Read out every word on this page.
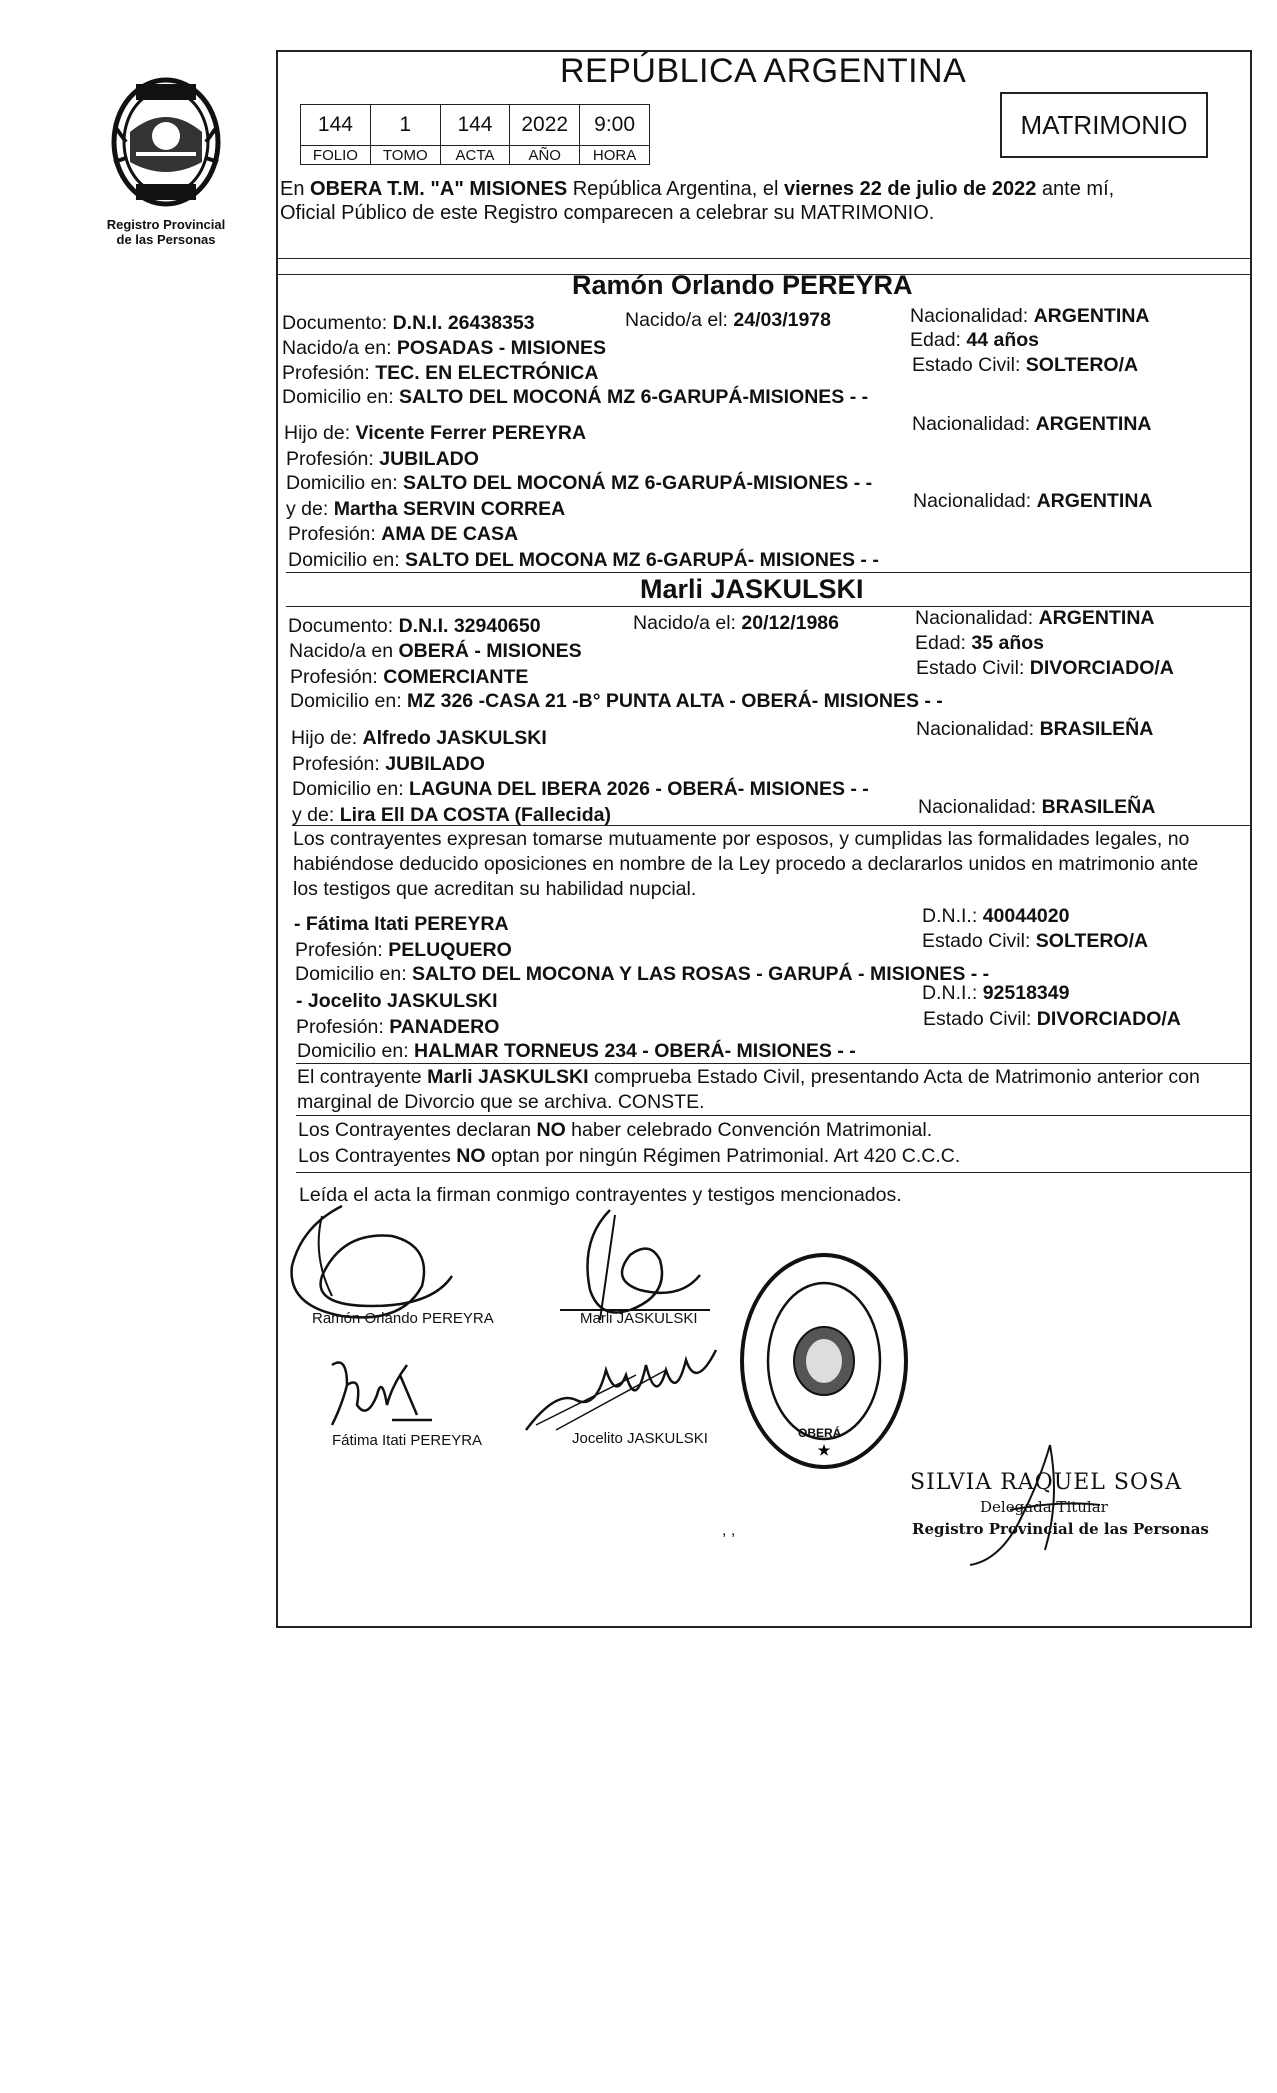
Registro Provincial
de las Personas
REPÚBLICA ARGENTINA
144	1	144	2022	9:00
FOLIO	TOMO	ACTA	AÑO	HORA
MATRIMONIO
En OBERA T.M. "A" MISIONES República Argentina, el viernes 22 de julio de 2022 ante mí,
Oficial Público de este Registro comparecen a celebrar su MATRIMONIO.
Ramón Orlando PEREYRA
Documento: D.N.I. 26438353	Nacido/a el: 24/03/1978	Nacionalidad: ARGENTINA
Nacido/a en: POSADAS - MISIONES	Edad: 44 años
Profesión: TEC. EN ELECTRÓNICA	Estado Civil: SOLTERO/A
Domicilio en: SALTO DEL MOCONÁ MZ 6-GARUPÁ-MISIONES - -
Hijo de: Vicente Ferrer PEREYRA	Nacionalidad: ARGENTINA
Profesión: JUBILADO
Domicilio en: SALTO DEL MOCONÁ MZ 6-GARUPÁ-MISIONES - -
y de: Martha SERVIN CORREA	Nacionalidad: ARGENTINA
Profesión: AMA DE CASA
Domicilio en: SALTO DEL MOCONA MZ 6-GARUPÁ- MISIONES - -
Marli JASKULSKI
Documento: D.N.I. 32940650	Nacido/a el: 20/12/1986	Nacionalidad: ARGENTINA
Nacido/a en OBERÁ - MISIONES	Edad: 35 años
Profesión: COMERCIANTE	Estado Civil: DIVORCIADO/A
Domicilio en: MZ 326 -CASA 21 -B° PUNTA ALTA - OBERÁ- MISIONES - -
Hijo de: Alfredo JASKULSKI	Nacionalidad: BRASILEÑA
Profesión: JUBILADO
Domicilio en: LAGUNA DEL IBERA 2026 - OBERÁ- MISIONES - -
y de: Lira Ell DA COSTA (Fallecida)	Nacionalidad: BRASILEÑA
Los contrayentes expresan tomarse mutuamente por esposos, y cumplidas las formalidades legales, no
habiéndose deducido oposiciones en nombre de la Ley procedo a declararlos unidos en matrimonio ante
los testigos que acreditan su habilidad nupcial.
- Fátima Itati PEREYRA	D.N.I.: 40044020
Profesión: PELUQUERO	Estado Civil: SOLTERO/A
Domicilio en: SALTO DEL MOCONA Y LAS ROSAS - GARUPÁ - MISIONES - -
- Jocelito JASKULSKI	D.N.I.: 92518349
Profesión: PANADERO	Estado Civil: DIVORCIADO/A
Domicilio en: HALMAR TORNEUS 234 - OBERÁ- MISIONES - -
El contrayente Marli JASKULSKI comprueba Estado Civil, presentando Acta de Matrimonio anterior con
marginal de Divorcio que se archiva. CONSTE.
Los Contrayentes declaran NO haber celebrado Convención Matrimonial.
Los Contrayentes NO optan por ningún Régimen Patrimonial. Art 420 C.C.C.
Leída el acta la firman conmigo contrayentes y testigos mencionados.
Ramón Orlando PEREYRA	Marli JASKULSKI
Fátima Itati PEREYRA	Jocelito JASKULSKI
★
OBERÁ
SILVIA RAQUEL SOSA
Delegada Titular
Registro Provincial de las Personas
, ,
